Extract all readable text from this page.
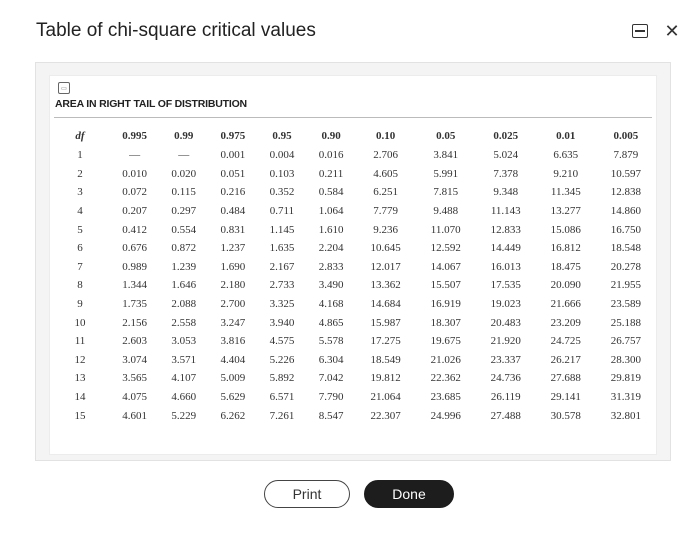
Table of chi-square critical values	✕
▭
AREA IN RIGHT TAIL OF DISTRIBUTION
df	0.995	0.99	0.975	0.95	0.90	0.10	0.05	0.025	0.01	0.005
1	—	—	0.001	0.004	0.016	2.706	3.841	5.024	6.635	7.879
2	0.010	0.020	0.051	0.103	0.211	4.605	5.991	7.378	9.210	10.597
3	0.072	0.115	0.216	0.352	0.584	6.251	7.815	9.348	11.345	12.838
4	0.207	0.297	0.484	0.711	1.064	7.779	9.488	11.143	13.277	14.860
5	0.412	0.554	0.831	1.145	1.610	9.236	11.070	12.833	15.086	16.750
6	0.676	0.872	1.237	1.635	2.204	10.645	12.592	14.449	16.812	18.548
7	0.989	1.239	1.690	2.167	2.833	12.017	14.067	16.013	18.475	20.278
8	1.344	1.646	2.180	2.733	3.490	13.362	15.507	17.535	20.090	21.955
9	1.735	2.088	2.700	3.325	4.168	14.684	16.919	19.023	21.666	23.589
10	2.156	2.558	3.247	3.940	4.865	15.987	18.307	20.483	23.209	25.188
11	2.603	3.053	3.816	4.575	5.578	17.275	19.675	21.920	24.725	26.757
12	3.074	3.571	4.404	5.226	6.304	18.549	21.026	23.337	26.217	28.300
13	3.565	4.107	5.009	5.892	7.042	19.812	22.362	24.736	27.688	29.819
14	4.075	4.660	5.629	6.571	7.790	21.064	23.685	26.119	29.141	31.319
15	4.601	5.229	6.262	7.261	8.547	22.307	24.996	27.488	30.578	32.801
Print	Done
